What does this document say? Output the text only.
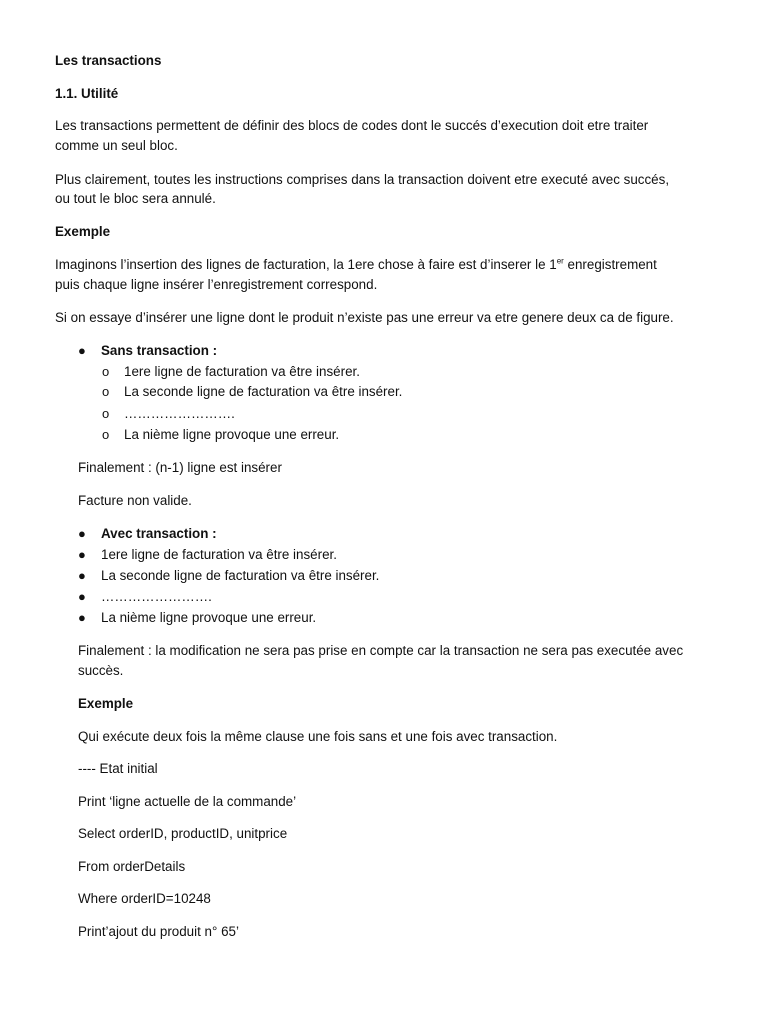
Les transactions
1.1. Utilité
Les transactions permettent de définir des blocs de codes dont le succés d’execution doit etre traiter
comme un seul bloc.
Plus clairement, toutes les instructions comprises dans la transaction doivent etre executé avec succés,
ou tout le bloc sera annulé.
Exemple
Imaginons l’insertion des lignes de facturation, la 1ere chose à faire est d’inserer le 1er enregistrement
puis chaque ligne insérer l’enregistrement correspond.
Si on essaye d’insérer une ligne dont le produit n’existe pas une erreur va etre genere deux ca de figure.
● Sans transaction :
o 1ere ligne de facturation va être insérer.
o La seconde ligne de facturation va être insérer.
o …………………….
o La nième ligne provoque une erreur.
Finalement : (n-1) ligne est insérer
Facture non valide.
● Avec transaction :
● 1ere ligne de facturation va être insérer.
● La seconde ligne de facturation va être insérer.
● …………………….
● La nième ligne provoque une erreur.
Finalement : la modification ne sera pas prise en compte car la transaction ne sera pas executée avec
succès.
Exemple
Qui exécute deux fois la même clause une fois sans et une fois avec transaction.
---- Etat initial
Print ‘ligne actuelle de la commande’
Select orderID, productID, unitprice
From orderDetails
Where orderID=10248
Print’ajout du produit n° 65’
